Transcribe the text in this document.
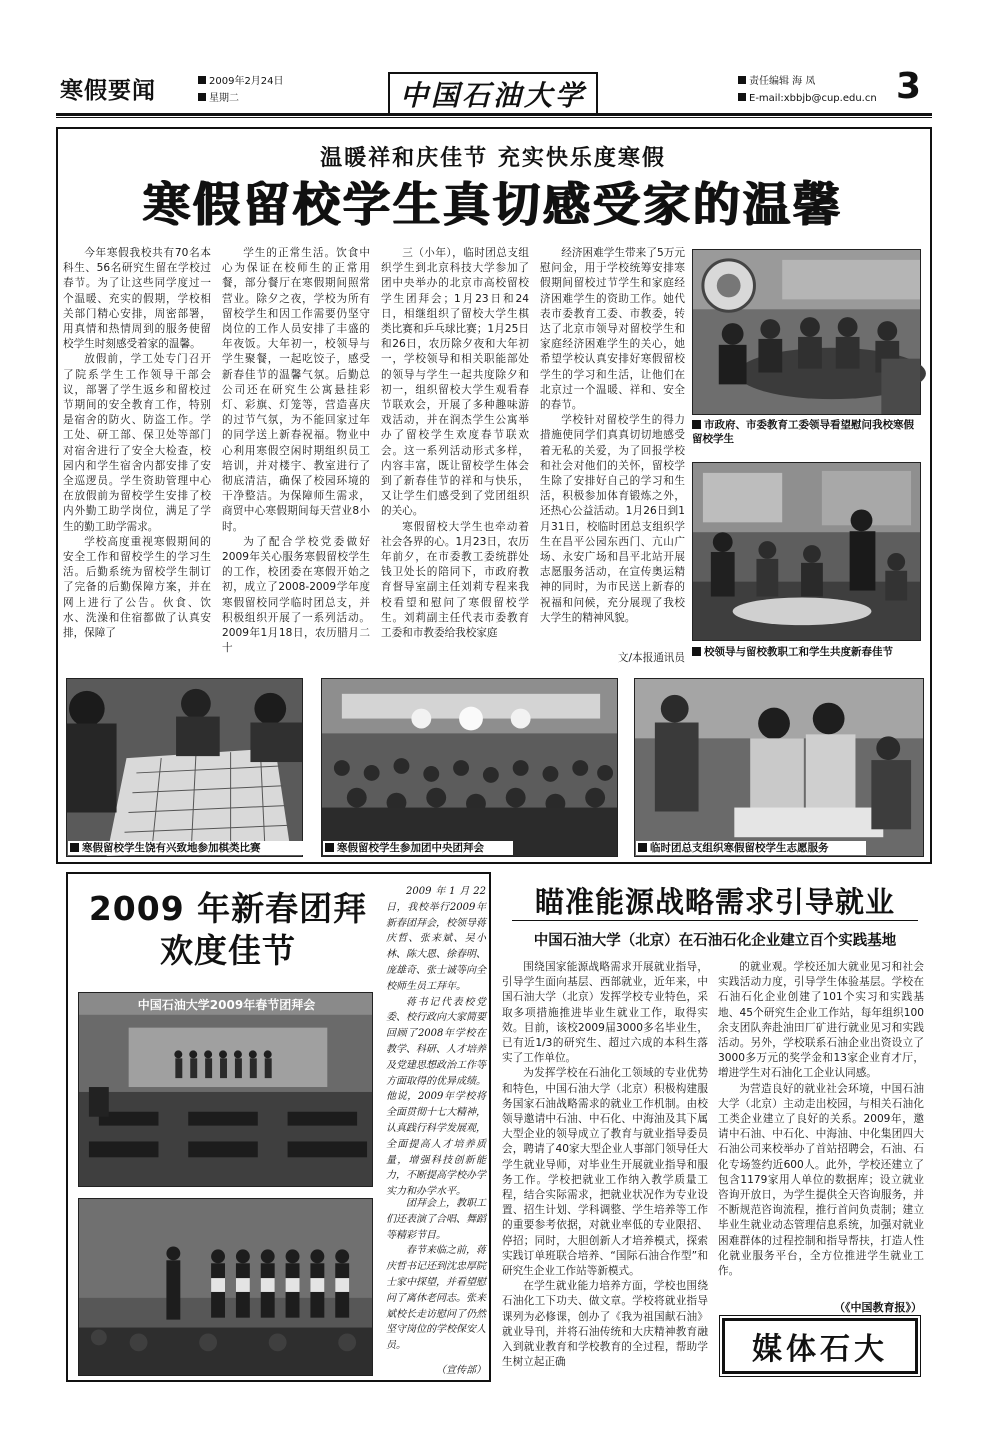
寒假要闻	2009年2月24日
星期二	中国石油大学	责任编辑 海 凤
E-mail:xbbjb@cup.edu.cn 3
温暖祥和庆佳节 充实快乐度寒假
寒假留校学生真切感受家的温馨

今年寒假我校共有70名本科生、56名研究生留在学校过春节。为了让这些同学度过一个温暖、充实的假期，学校相关部门精心安排，周密部署，用真情和热情周到的服务使留校学生时刻感受着家的温馨。

放假前，学工处专门召开了院系学生工作领导干部会议，部署了学生返乡和留校过节期间的安全教育工作，特别是宿舍的防火、防盗工作。学工处、研工部、保卫处等部门对宿舍进行了安全大检查，校园内和学生宿舍内都安排了安全巡逻员。学生资助管理中心在放假前为留校学生安排了校内外勤工助学岗位，满足了学生的勤工助学需求。

学校高度重视寒假期间的安全工作和留校学生的学习生活。后勤系统为留校学生制订了完备的后勤保障方案，并在网上进行了公告。伙食、饮水、洗澡和住宿都做了认真安排，保障了

学生的正常生活。饮食中心为保证在校师生的正常用餐，部分餐厅在寒假期间照常营业。除夕之夜，学校为所有留校学生和因工作需要仍坚守岗位的工作人员安排了丰盛的年夜饭。大年初一，校领导与学生聚餐，一起吃饺子，感受新春佳节的温馨气氛。后勤总公司还在研究生公寓悬挂彩灯、彩旗、灯笼等，营造喜庆的过节气氛，为不能回家过年的同学送上新春祝福。物业中心利用寒假空闲时期组织员工培训，并对楼宇、教室进行了彻底清洁，确保了校园环境的干净整洁。为保障师生需求，商贸中心寒假期间每天营业8小时。

为了配合学校党委做好2009年关心服务寒假留校学生的工作，校团委在寒假开始之初，成立了2008-2009学年度寒假留校同学临时团总支，并积极组织开展了一系列活动。2009年1月18日，农历腊月二十

三（小年），临时团总支组织学生到北京科技大学参加了团中央举办的北京市高校留校学生团拜会；1月23日和24日，相继组织了留校大学生棋类比赛和乒乓球比赛；1月25日和26日，农历除夕夜和大年初一，学校领导和相关职能部处的领导与学生一起共度除夕和初一，组织留校大学生观看春节联欢会，开展了多种趣味游戏活动，并在润杰学生公寓举办了留校学生欢度春节联欢会。这一系列活动形式多样，内容丰富，既让留校学生体会到了新春佳节的祥和与快乐，又让学生们感受到了党团组织的关心。

寒假留校大学生也牵动着社会各界的心。1月23日，农历年前夕，在市委教工委统群处钱卫处长的陪同下，市政府教育督导室副主任刘莉专程来我校看望和慰问了寒假留校学生。刘莉副主任代表市委教育工委和市教委给我校家庭

经济困难学生带来了5万元慰问金，用于学校统筹安排寒假期间留校过节学生和家庭经济困难学生的资助工作。她代表市委教育工委、市教委，转达了北京市领导对留校学生和家庭经济困难学生的关心，她希望学校认真安排好寒假留校学生的学习和生活，让他们在北京过一个温暖、祥和、安全的春节。

学校针对留校学生的得力措施使同学们真真切切地感受着无私的关爱，为了回报学校和社会对他们的关怀，留校学生除了安排好自己的学习和生活，积极参加体育锻炼之外，还热心公益活动。1月26日到1月31日，校临时团总支组织学生在昌平公园东西门、亢山广场、永安广场和昌平北站开展志愿服务活动，在宣传奥运精神的同时，为市民送上新春的祝福和问候，充分展现了我校大学生的精神风貌。

文/本报通讯员
市政府、市委教育工委领导看望慰问我校寒假留校学生
校领导与留校教职工和学生共度新春佳节
寒假留校学生饶有兴致地参加棋类比赛	寒假留校学生参加团中央团拜会	临时团总支组织寒假留校学生志愿服务
2009 年新春团拜
欢度佳节
中国石油大学2009年春节团拜会

2009年1月22日，我校举行2009年新春团拜会，校领导蒋庆哲、张来斌、吴小林、陈大恩、徐春明、庞雄奇、张士诚等向全校师生员工拜年。

蒋书记代表校党委、校行政向大家简要回顾了2008年学校在教学、科研、人才培养及党建思想政治工作等方面取得的优异成绩。他说，2009年学校将全面贯彻十七大精神，认真践行科学发展观，全面提高人才培养质量，增强科技创新能力，不断提高学校办学实力和办学水平。

团拜会上，教职工们还表演了合唱、舞蹈等精彩节目。

春节来临之前，蒋庆哲书记还到沈忠厚院士家中探望，并看望慰问了离休老同志。张来斌校长走访慰问了仍然坚守岗位的学校保安人员。

（宣传部）
瞄准能源战略需求引导就业
中国石油大学（北京）在石油石化企业建立百个实践基地

围绕国家能源战略需求开展就业指导，引导学生面向基层、西部就业，近年来，中国石油大学（北京）发挥学校专业特色，采取多项措施推进毕业生就业工作，取得实效。目前，该校2009届3000多名毕业生，已有近1/3的研究生、超过六成的本科生落实了工作单位。

为发挥学校在石油化工领域的专业优势和特色，中国石油大学（北京）积极构建服务国家石油战略需求的就业工作机制。由校领导邀请中石油、中石化、中海油及其下属大型企业的领导成立了教育与就业指导委员会，聘请了40家大型企业人事部门领导任大学生就业导师，对毕业生开展就业指导和服务工作。学校把就业工作纳入教学质量工程，结合实际需求，把就业状况作为专业设置、招生计划、学科调整、学生培养等工作的重要参考依据，对就业率低的专业限招、停招；同时，大胆创新人才培养模式，探索实践订单班联合培养、“国际石油合作型”和研究生企业工作站等新模式。

在学生就业能力培养方面，学校也围绕石油化工下功夫、做文章。学校将就业指导课列为必修课，创办了《我为祖国献石油》就业导刊，并将石油传统和大庆精神教育融入到就业教育和学校教育的全过程，帮助学生树立起正确

的就业观。学校还加大就业见习和社会实践活动力度，引导学生体验基层。学校在石油石化企业创建了101个实习和实践基地、45个研究生企业工作站，每年组织100余支团队奔赴油田厂矿进行就业见习和实践活动。另外，学校联系石油企业出资设立了3000多万元的奖学金和13家企业育才厅，增进学生对石油化工企业认同感。

为营造良好的就业社会环境，中国石油大学（北京）主动走出校园，与相关石油化工类企业建立了良好的关系。2009年，邀请中石油、中石化、中海油、中化集团四大石油公司来校举办了首站招聘会，石油、石化专场签约近600人。此外，学校还建立了包含1179家用人单位的数据库；设立就业咨询开放日，为学生提供全天咨询服务，并不断规范咨询流程，推行首问负责制；建立毕业生就业动态管理信息系统，加强对就业困难群体的过程控制和指导帮扶，打造人性化就业服务平台，全方位推进学生就业工作。

（《中国教育报》）
媒体石大
